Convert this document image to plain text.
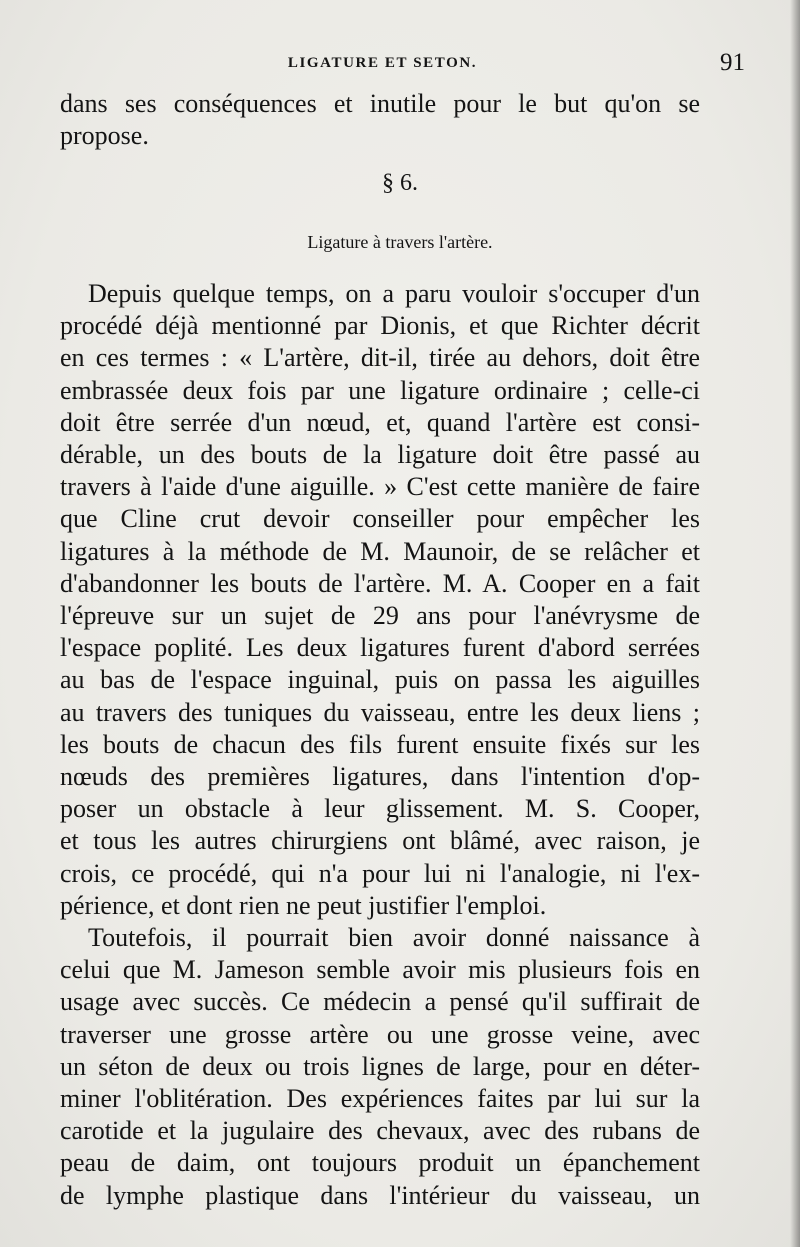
LIGATURE ET SETON.	91
dans ses conséquences et inutile pour le but qu'on se
propose.
§ 6.
Ligature à travers l'artère.
Depuis quelque temps, on a paru vouloir s'occuper d'un
procédé déjà mentionné par Dionis, et que Richter décrit
en ces termes : « L'artère, dit-il, tirée au dehors, doit être
embrassée deux fois par une ligature ordinaire ; celle-ci
doit être serrée d'un nœud, et, quand l'artère est consi-
dérable, un des bouts de la ligature doit être passé au
travers à l'aide d'une aiguille. » C'est cette manière de faire
que Cline crut devoir conseiller pour empêcher les
ligatures à la méthode de M. Maunoir, de se relâcher et
d'abandonner les bouts de l'artère. M. A. Cooper en a fait
l'épreuve sur un sujet de 29 ans pour l'anévrysme de
l'espace poplité. Les deux ligatures furent d'abord serrées
au bas de l'espace inguinal, puis on passa les aiguilles
au travers des tuniques du vaisseau, entre les deux liens ;
les bouts de chacun des fils furent ensuite fixés sur les
nœuds des premières ligatures, dans l'intention d'op-
poser un obstacle à leur glissement. M. S. Cooper,
et tous les autres chirurgiens ont blâmé, avec raison, je
crois, ce procédé, qui n'a pour lui ni l'analogie, ni l'ex-
périence, et dont rien ne peut justifier l'emploi.
Toutefois, il pourrait bien avoir donné naissance à
celui que M. Jameson semble avoir mis plusieurs fois en
usage avec succès. Ce médecin a pensé qu'il suffirait de
traverser une grosse artère ou une grosse veine, avec
un séton de deux ou trois lignes de large, pour en déter-
miner l'oblitération. Des expériences faites par lui sur la
carotide et la jugulaire des chevaux, avec des rubans de
peau de daim, ont toujours produit un épanchement
de lymphe plastique dans l'intérieur du vaisseau, un
